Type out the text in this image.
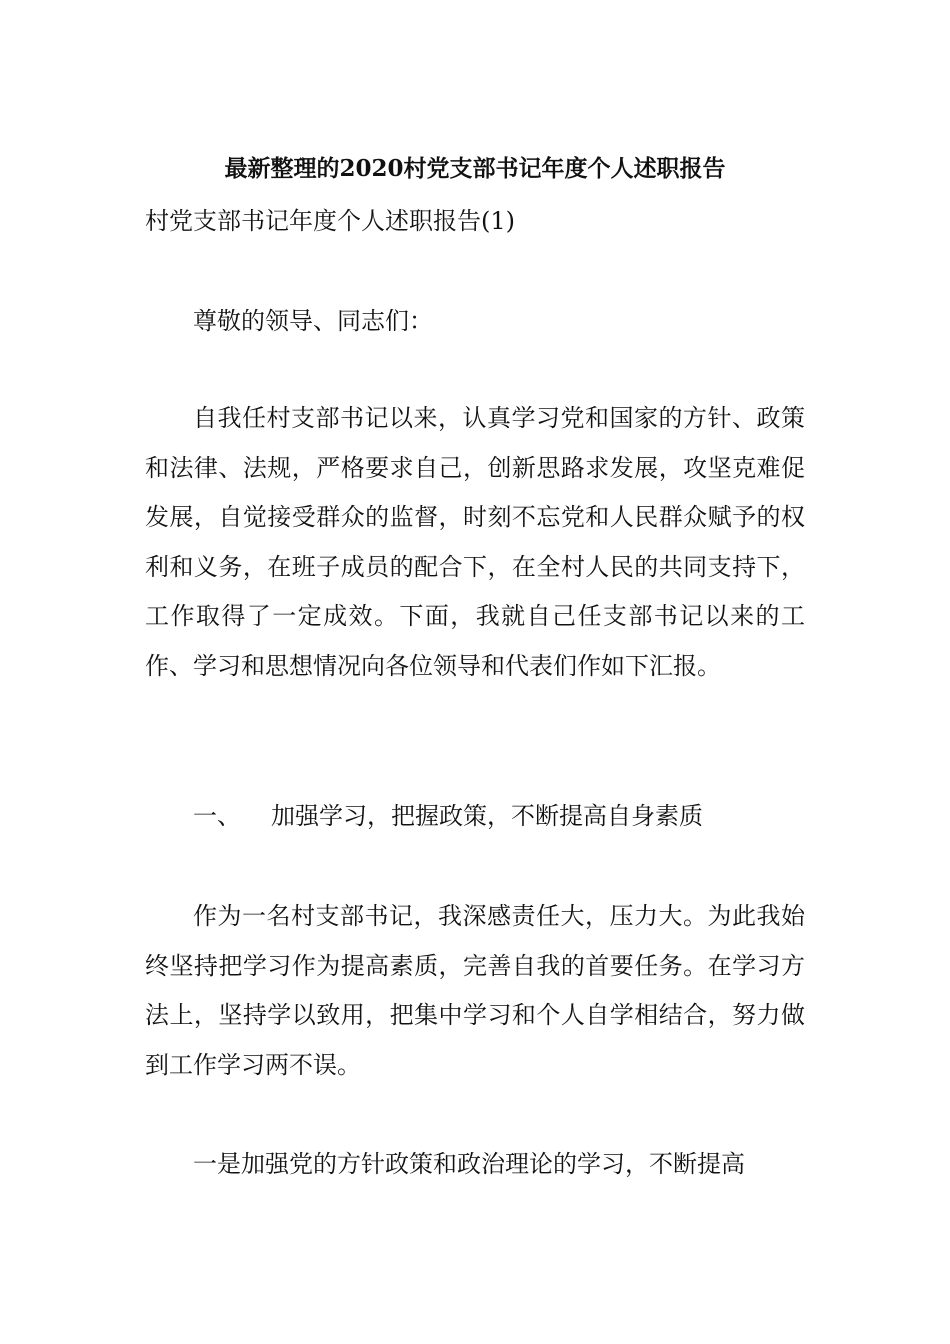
最新整理的2020村党支部书记年度个人述职报告
村党支部书记年度个人述职报告(1)

尊敬的领导、同志们：

自我任村支部书记以来，认真学习党和国家的方针、政策和法律、法规，严格要求自己，创新思路求发展，攻坚克难促发展，自觉接受群众的监督，时刻不忘党和人民群众赋予的权利和义务，在班子成员的配合下，在全村人民的共同支持下，工作取得了一定成效。下面，我就自己任支部书记以来的工作、学习和思想情况向各位领导和代表们作如下汇报。

一、 加强学习，把握政策，不断提高自身素质

作为一名村支部书记，我深感责任大，压力大。为此我始终坚持把学习作为提高素质，完善自我的首要任务。在学习方法上，坚持学以致用，把集中学习和个人自学相结合，努力做到工作学习两不误。

一是加强党的方针政策和政治理论的学习，不断提高
